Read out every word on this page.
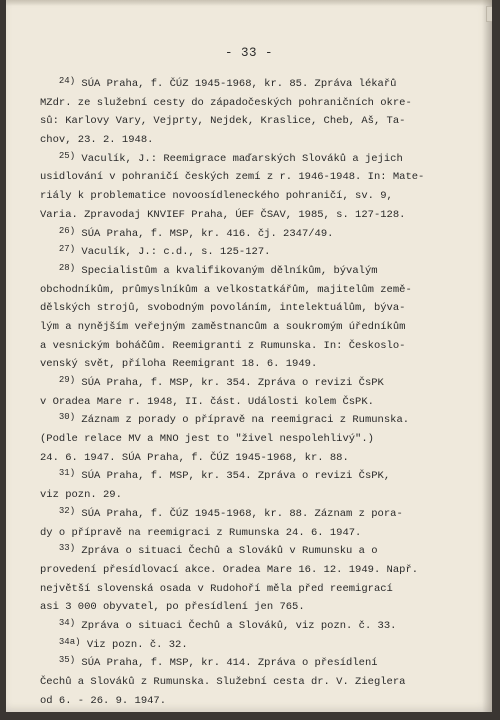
- 33 -
24) SÚA Praha, f. ČÚZ 1945-1968, kr. 85. Zpráva lékařů
MZdr. ze služební cesty do západočeských pohraničních okre-
sů: Karlovy Vary, Vejprty, Nejdek, Kraslice, Cheb, Aš, Ta-
chov, 23. 2. 1948.
25) Vaculík, J.: Reemigrace maďarských Slováků a jejich
usidlování v pohraničí českých zemí z r. 1946-1948. In: Mate-
riály k problematice novoosídleneckého pohraničí, sv. 9,
Varia. Zpravodaj KNVIEF Praha, ÚEF ČSAV, 1985, s. 127-128.
26) SÚA Praha, f. MSP, kr. 416. čj. 2347/49.
27) Vaculík, J.: c.d., s. 125-127.
28) Specialistům a kvalifikovaným dělníkům, bývalým
obchodníkům, průmyslníkům a velkostatkářům, majitelům země-
dělských strojů, svobodným povoláním, intelektuálům, býva-
lým a nynějším veřejným zaměstnancům a soukromým úředníkům
a vesnickým boháčům. Reemigranti z Rumunska. In: Českoslo-
venský svět, příloha Reemigrant 18. 6. 1949.
29) SÚA Praha, f. MSP, kr. 354. Zpráva o revizi ČsPK
v Oradea Mare r. 1948, II. část. Události kolem ČsPK.
30) Záznam z porady o přípravě na reemigraci z Rumunska.
(Podle relace MV a MNO jest to "živel nespolehlivý".)
24. 6. 1947. SÚA Praha, f. ČÚZ 1945-1968, kr. 88.
31) SÚA Praha, f. MSP, kr. 354. Zpráva o revizi ČsPK,
viz pozn. 29.
32) SÚA Praha, f. ČÚZ 1945-1968, kr. 88. Záznam z pora-
dy o přípravě na reemigraci z Rumunska 24. 6. 1947.
33) Zpráva o situaci Čechů a Slováků v Rumunsku a o
provedení přesídlovací akce. Oradea Mare 16. 12. 1949. Např.
největší slovenská osada v Rudohoří měla před reemigrací
asi 3 000 obyvatel, po přesídlení jen 765.
34) Zpráva o situaci Čechů a Slováků, viz pozn. č. 33.
34a) Viz pozn. č. 32.
35) SÚA Praha, f. MSP, kr. 414. Zpráva o přesídlení
Čechů a Slováků z Rumunska. Služební cesta dr. V. Zieglera
od 6. - 26. 9. 1947.
